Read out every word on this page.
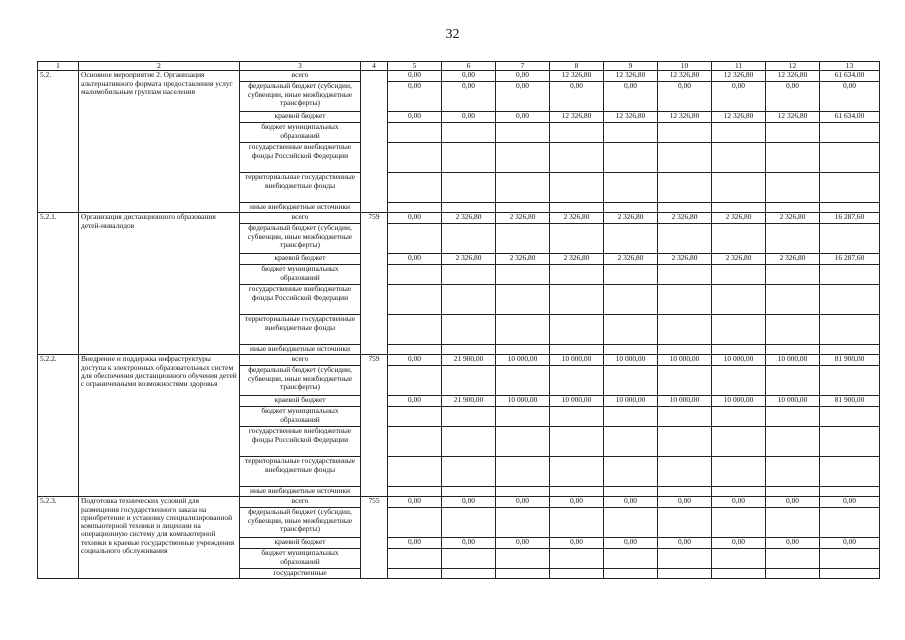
32
1	2	3	4	5	6	7	8	9	10	11	12	13
5.2.	Основное мероприятие 2. Организация альтернативного формата предоставления услуг маломобильным группам населения	всего		0,00	0,00	0,00	12 326,80	12 326,80	12 326,80	12 326,80	12 326,80	61 634,00
		федеральный бюджет (субсидии, субвенции, иные межбюджетные трансферты)		0,00	0,00	0,00	0,00	0,00	0,00	0,00	0,00	0,00
		краевой бюджет		0,00	0,00	0,00	12 326,80	12 326,80	12 326,80	12 326,80	12 326,80	61 634,00
		бюджет муниципальных образований										
		государственные внебюджетные фонды Российской Федерации										
		территориальные государственные внебюджетные фонды										
		иные внебюджетные источники										
5.2.1.	Организация дистанционного образования детей-инвалидов	всего	759	0,00	2 326,80	2 326,80	2 326,80	2 326,80	2 326,80	2 326,80	2 326,80	16 287,60
		федеральный бюджет (субсидии, субвенции, иные межбюджетные трансферты)										
		краевой бюджет		0,00	2 326,80	2 326,80	2 326,80	2 326,80	2 326,80	2 326,80	2 326,80	16 287,60
		бюджет муниципальных образований										
		государственные внебюджетные фонды Российской Федерации										
		территориальные государственные внебюджетные фонды										
		иные внебюджетные источники										
5.2.2.	Внедрение и поддержка инфраструктуры доступа к электронных образовательных систем для обеспечения дистанционного обучения детей с ограниченными возможностями здоровья	всего	759	0,00	21 900,00	10 000,00	10 000,00	10 000,00	10 000,00	10 000,00	10 000,00	81 900,00
		федеральный бюджет (субсидии, субвенции, иные межбюджетные трансферты)										
		краевой бюджет		0,00	21 900,00	10 000,00	10 000,00	10 000,00	10 000,00	10 000,00	10 000,00	81 900,00
		бюджет муниципальных образований										
		государственные внебюджетные фонды Российской Федерации										
		территориальные государственные внебюджетные фонды										
		иные внебюджетные источники										
5.2.3.	Подготовка технических условий для размещения государственного заказа на приобретение и установку специализированной компьютерной техники и лицензии на операционную систему для компьютерной техники в краевые государственные учреждения социального обслуживания	всего	755	0,00	0,00	0,00	0,00	0,00	0,00	0,00	0,00	0,00
		федеральный бюджет (субсидии, субвенции, иные межбюджетные трансферты)										
		краевой бюджет		0,00	0,00	0,00	0,00	0,00	0,00	0,00	0,00	0,00
		бюджет муниципальных образований										
		государственные										
